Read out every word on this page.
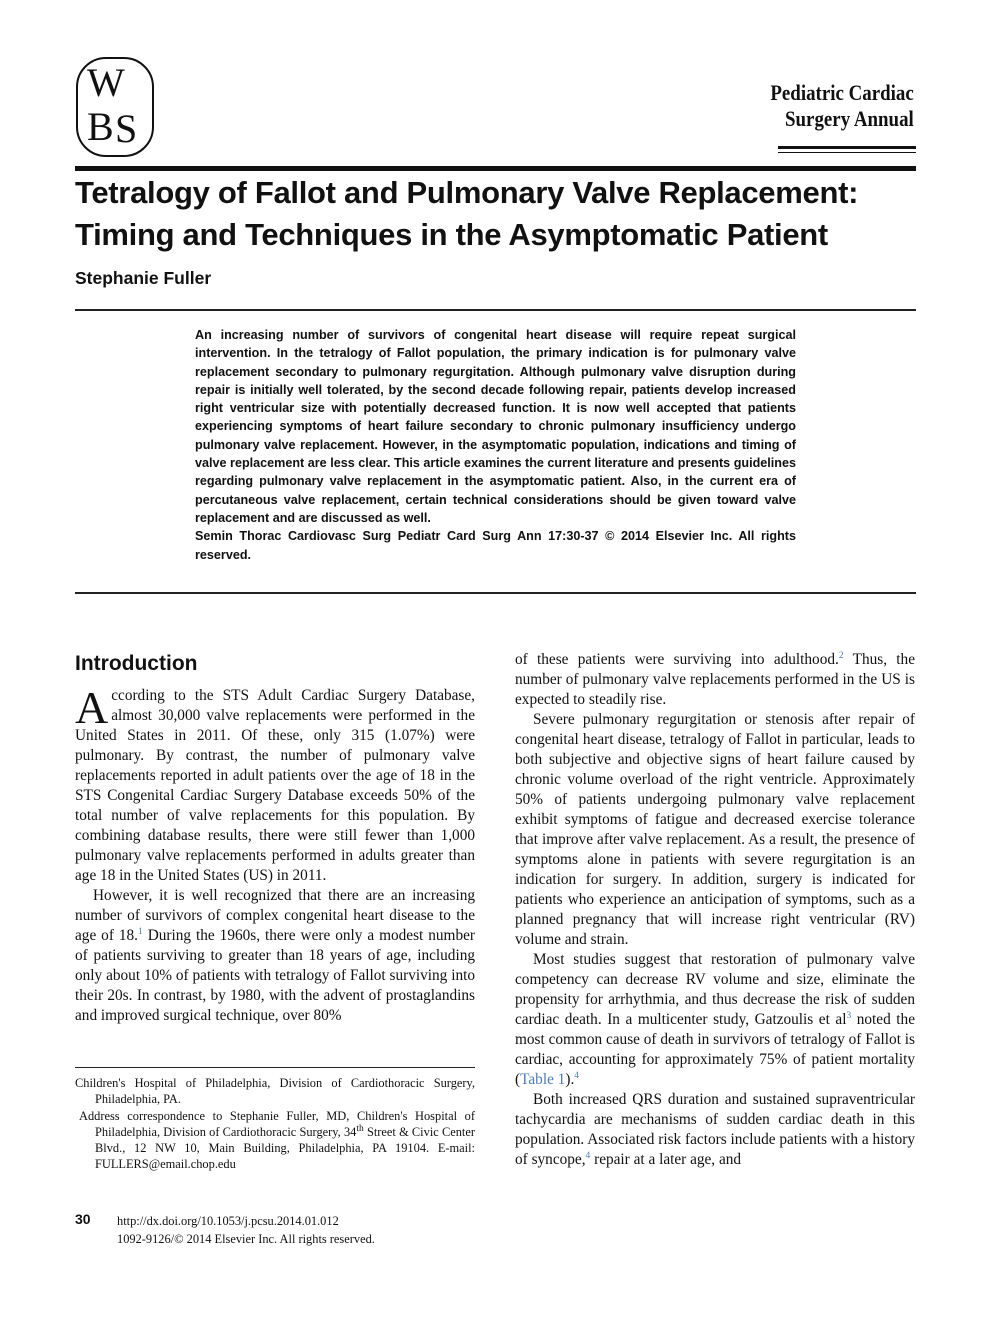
W
B S
Pediatric Cardiac
Surgery Annual
Tetralogy of Fallot and Pulmonary Valve Replacement: Timing and Techniques in the Asymptomatic Patient
Stephanie Fuller

An increasing number of survivors of congenital heart disease will require repeat surgical intervention. In the tetralogy of Fallot population, the primary indication is for pulmonary valve replacement secondary to pulmonary regurgitation. Although pulmonary valve disruption during repair is initially well tolerated, by the second decade following repair, patients develop increased right ventricular size with potentially decreased function. It is now well accepted that patients experiencing symptoms of heart failure secondary to chronic pulmonary insufficiency undergo pulmonary valve replacement. However, in the asymptomatic population, indications and timing of valve replacement are less clear. This article examines the current literature and presents guidelines regarding pulmonary valve replacement in the asymptomatic patient. Also, in the current era of percutaneous valve replacement, certain technical considerations should be given toward valve replacement and are discussed as well.

Semin Thorac Cardiovasc Surg Pediatr Card Surg Ann 17:30-37 © 2014 Elsevier Inc. All rights reserved.

Introduction

According to the STS Adult Cardiac Surgery Database, almost 30,000 valve replacements were performed in the United States in 2011. Of these, only 315 (1.07%) were pulmonary. By contrast, the number of pulmonary valve replacements reported in adult patients over the age of 18 in the STS Congenital Cardiac Surgery Database exceeds 50% of the total number of valve replacements for this population. By combining database results, there were still fewer than 1,000 pulmonary valve replacements performed in adults greater than age 18 in the United States (US) in 2011.

However, it is well recognized that there are an increasing number of survivors of complex congenital heart disease to the age of 18.$^1$ During the 1960s, there were only a modest number of patients surviving to greater than 18 years of age, including only about 10% of patients with tetralogy of Fallot surviving into their 20s. In contrast, by 1980, with the advent of prostaglandins and improved surgical technique, over 80%

of these patients were surviving into adulthood.$^2$ Thus, the number of pulmonary valve replacements performed in the US is expected to steadily rise.

Severe pulmonary regurgitation or stenosis after repair of congenital heart disease, tetralogy of Fallot in particular, leads to both subjective and objective signs of heart failure caused by chronic volume overload of the right ventricle. Approximately 50% of patients undergoing pulmonary valve replacement exhibit symptoms of fatigue and decreased exercise tolerance that improve after valve replacement. As a result, the presence of symptoms alone in patients with severe regurgitation is an indication for surgery. In addition, surgery is indicated for patients who experience an anticipation of symptoms, such as a planned pregnancy that will increase right ventricular (RV) volume and strain.

Most studies suggest that restoration of pulmonary valve competency can decrease RV volume and size, eliminate the propensity for arrhythmia, and thus decrease the risk of sudden cardiac death. In a multicenter study, Gatzoulis et al$^3$ noted the most common cause of death in survivors of tetralogy of Fallot is cardiac, accounting for approximately 75% of patient mortality (Table 1).$^4$

Both increased QRS duration and sustained supraventricular tachycardia are mechanisms of sudden cardiac death in this population. Associated risk factors include patients with a history of syncope,$^4$ repair at a later age, and

Children's Hospital of Philadelphia, Division of Cardiothoracic Surgery, Philadelphia, PA.

Address correspondence to Stephanie Fuller, MD, Children's Hospital of Philadelphia, Division of Cardiothoracic Surgery, 34th Street & Civic Center Blvd., 12 NW 10, Main Building, Philadelphia, PA 19104. E-mail: FULLERS@email.chop.edu

30 http://dx.doi.org/10.1053/j.pcsu.2014.01.012
1092-9126/© 2014 Elsevier Inc. All rights reserved.
